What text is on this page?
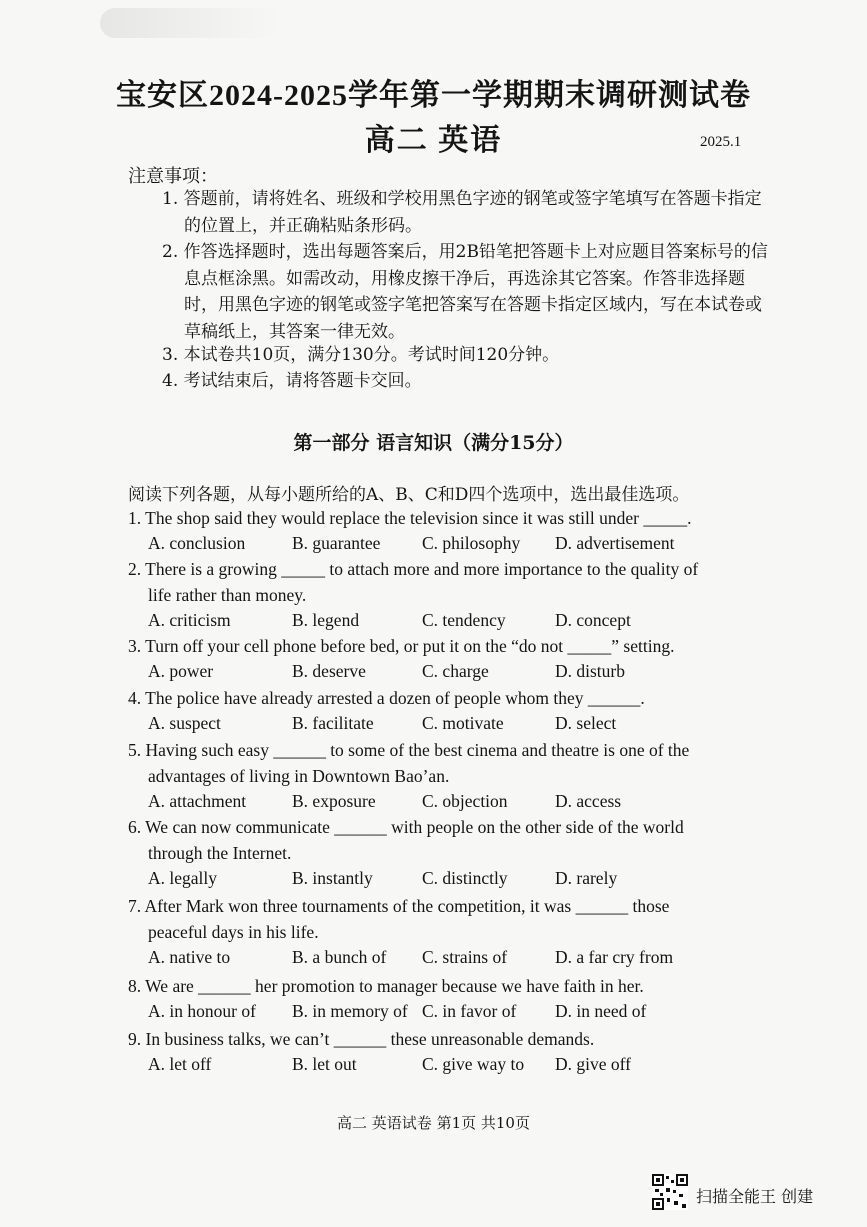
宝安区2024-2025学年第一学期期末调研测试卷
高二 英语	2025.1
注意事项：
1. 答题前，请将姓名、班级和学校用黑色字迹的钢笔或签字笔填写在答题卡指定的位置上，并正确粘贴条形码。
2. 作答选择题时，选出每题答案后，用2B铅笔把答题卡上对应题目答案标号的信息点框涂黑。如需改动，用橡皮擦干净后，再选涂其它答案。作答非选择题时，用黑色字迹的钢笔或签字笔把答案写在答题卡指定区域内，写在本试卷或草稿纸上，其答案一律无效。
3. 本试卷共10页，满分130分。考试时间120分钟。
4. 考试结束后，请将答题卡交回。
第一部分 语言知识（满分15分）
阅读下列各题，从每小题所给的A、B、C和D四个选项中，选出最佳选项。
1. The shop said they would replace the television since it was still under _____.
A. conclusion	B. guarantee C. philosophy D. advertisement
2. There is a growing _____ to attach more and more importance to the quality of
life rather than money.
A. criticism	B. legend	C. tendency	D. concept
3. Turn off your cell phone before bed, or put it on the “do not _____” setting.
A. power	B. deserve	C. charge	D. disturb
4. The police have already arrested a dozen of people whom they ______.
A. suspect	B. facilitate	C. motivate	D. select
5. Having such easy ______ to some of the best cinema and theatre is one of the
advantages of living in Downtown Bao’an.
A. attachment	B. exposure	C. objection	D. access
6. We can now communicate ______ with people on the other side of the world
through the Internet.
A. legally	B. instantly	C. distinctly	D. rarely
7. After Mark won three tournaments of the competition, it was ______ those
peaceful days in his life.
A. native to	B. a bunch of C. strains of	D. a far cry from
8. We are ______ her promotion to manager because we have faith in her.
A. in honour of B. in memory of C. in favor of D. in need of
9. In business talks, we can’t ______ these unreasonable demands.
A. let off	B. let out	C. give way to D. give off
高二 英语试卷 第1页 共10页
扫描全能王 创建
